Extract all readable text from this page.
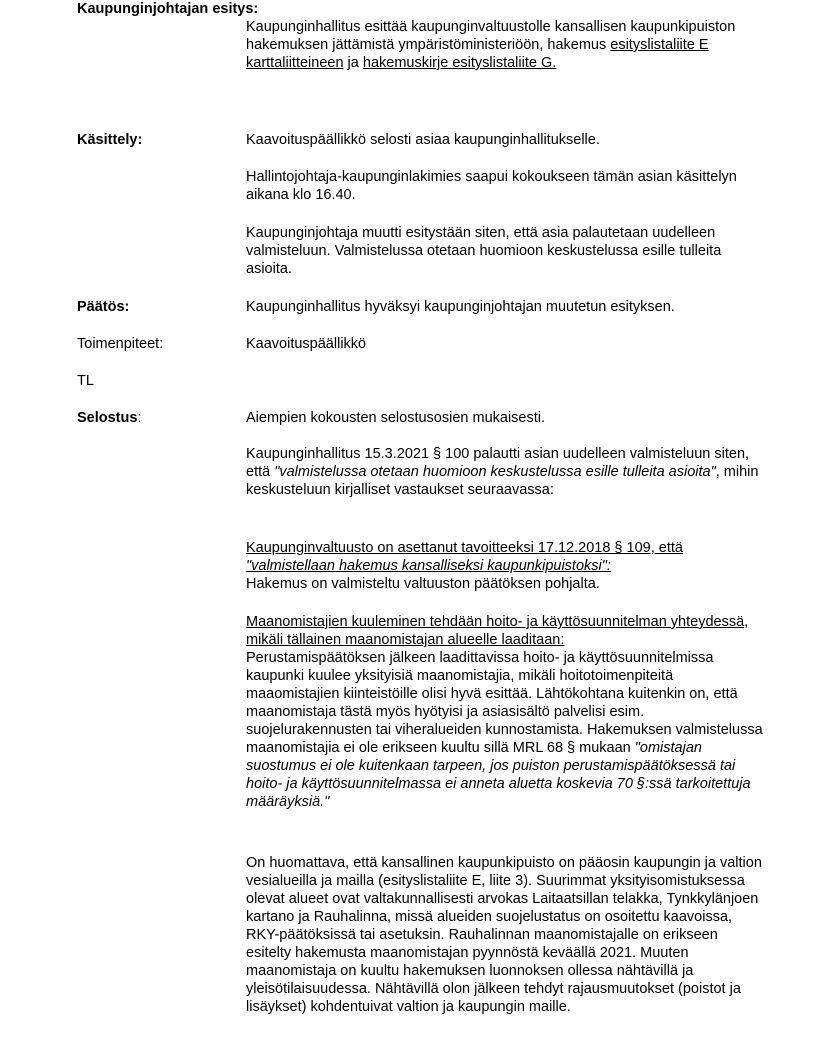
Kaupunginjohtajan esitys:

Kaupunginhallitus esittää kaupunginvaltuustolle kansallisen kaupunkipuiston hakemuksen jättämistä ympäristöministeriöön, hakemus esityslistaliite E karttaliitteineen ja hakemuskirje esityslistaliite G.

Käsittely:	Kaavoituspäällikkö selosti asiaa kaupunginhallitukselle.
Hallintojohtaja-kaupunginlakimies saapui kokoukseen tämän asian käsittelyn aikana klo 16.40.
Kaupunginjohtaja muutti esitystään siten, että asia palautetaan uudelleen valmisteluun. Valmistelussa otetaan huomioon keskustelussa esille tulleita asioita.
Päätös:	Kaupunginhallitus hyväksyi kaupunginjohtajan muutetun esityksen.
Toimenpiteet:	Kaavoituspäällikkö
TL
Selostus:	Aiempien kokousten selostusosien mukaisesti.

Kaupunginhallitus 15.3.2021 § 100 palautti asian uudelleen valmisteluun siten, että "valmistelussa otetaan huomioon keskustelussa esille tulleita asioita", mihin keskusteluun kirjalliset vastaukset seuraavassa:

Kaupunginvaltuusto on asettanut tavoitteeksi 17.12.2018 § 109, että "valmistellaan hakemus kansalliseksi kaupunkipuistoksi":
Hakemus on valmisteltu valtuuston päätöksen pohjalta.

Maanomistajien kuuleminen tehdään hoito- ja käyttösuunnitelman yhteydessä, mikäli tällainen maanomistajan alueelle laaditaan:
Perustamispäätöksen jälkeen laadittavissa hoito- ja käyttösuunnitelmissa kaupunki kuulee yksityisiä maanomistajia, mikäli hoitotoimenpiteitä maaomistajien kiinteistöille olisi hyvä esittää. Lähtökohtana kuitenkin on, että maanomistaja tästä myös hyötyisi ja asiasisältö palvelisi esim. suojelurakennusten tai viheralueiden kunnostamista. Hakemuksen valmistelussa maanomistajia ei ole erikseen kuultu sillä MRL 68 § mukaan "omistajan suostumus ei ole kuitenkaan tarpeen, jos puiston perustamispäätöksessä tai hoito- ja käyttösuunnitelmassa ei anneta aluetta koskevia 70 §:ssä tarkoitettuja määräyksiä."

On huomattava, että kansallinen kaupunkipuisto on pääosin kaupungin ja valtion vesialueilla ja mailla (esityslistaliite E, liite 3). Suurimmat yksityisomistuksessa olevat alueet ovat valtakunnallisesti arvokas Laitaatsillan telakka, Tynkkylänjoen kartano ja Rauhalinna, missä alueiden suojelustatus on osoitettu kaavoissa, RKY-päätöksissä tai asetuksin. Rauhalinnan maanomistajalle on erikseen esitelty hakemusta maanomistajan pyynnöstä keväällä 2021. Muuten maanomistaja on kuultu hakemuksen luonnoksen ollessa nähtävillä ja yleisötilaisuudessa. Nähtävillä olon jälkeen tehdyt rajausmuutokset (poistot ja lisäykset) kohdentuivat valtion ja kaupungin maille.
